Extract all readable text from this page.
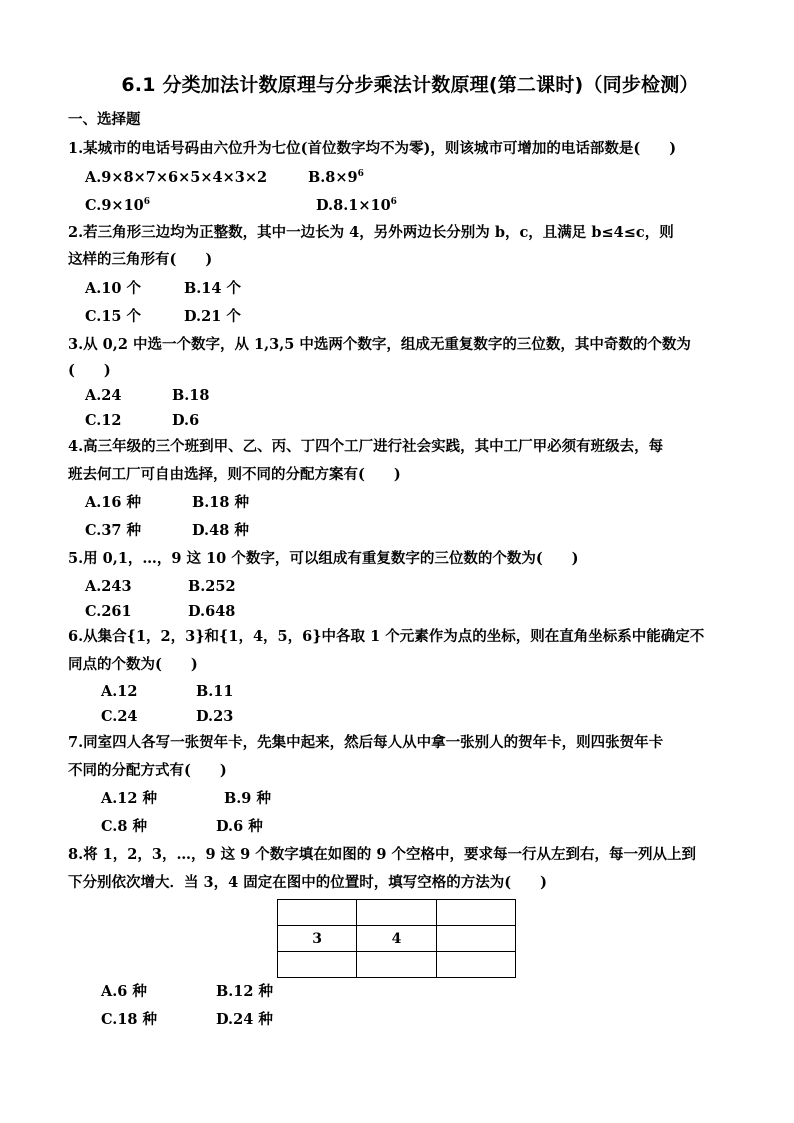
6.1 分类加法计数原理与分步乘法计数原理(第二课时)（同步检测）
一、选择题
1.某城市的电话号码由六位升为七位(首位数字均不为零)，则该城市可增加的电话部数是(　　)
A.9×8×7×6×5×4×3×2	$B.8\times 9^6$
$C.9\times 10^6$	$D.8.1\times 10^6$
2.若三角形三边均为正整数，其中一边长为 4，另外两边长分别为 b，c，且满足 b≤4≤c，则
这样的三角形有(　　)
A.10 个	B.14 个
C.15 个	D.21 个
3.从 0,2 中选一个数字，从 1,3,5 中选两个数字，组成无重复数字的三位数，其中奇数的个数为
(　　)
A.24	B.18
C.12	D.6
4.高三年级的三个班到甲、乙、丙、丁四个工厂进行社会实践，其中工厂甲必须有班级去，每
班去何工厂可自由选择，则不同的分配方案有(　　)
A.16 种	B.18 种
C.37 种	D.48 种
5.用 0,1，…，9 这 10 个数字，可以组成有重复数字的三位数的个数为(　　)
A.243	B.252
C.261	D.648
6.从集合{1，2，3}和{1，4，5，6}中各取 1 个元素作为点的坐标，则在直角坐标系中能确定不
同点的个数为(　　)
A.12	B.11
C.24	D.23
7.同室四人各写一张贺年卡，先集中起来，然后每人从中拿一张别人的贺年卡，则四张贺年卡
不同的分配方式有(　　)
A.12 种	B.9 种
C.8 种	D.6 种
8.将 1，2，3，…，9 这 9 个数字填在如图的 9 个空格中，要求每一行从左到右，每一列从上到
下分别依次增大．当 3，4 固定在图中的位置时，填写空格的方法为(　　)

3	4	

A.6 种	B.12 种
C.18 种	D.24 种
